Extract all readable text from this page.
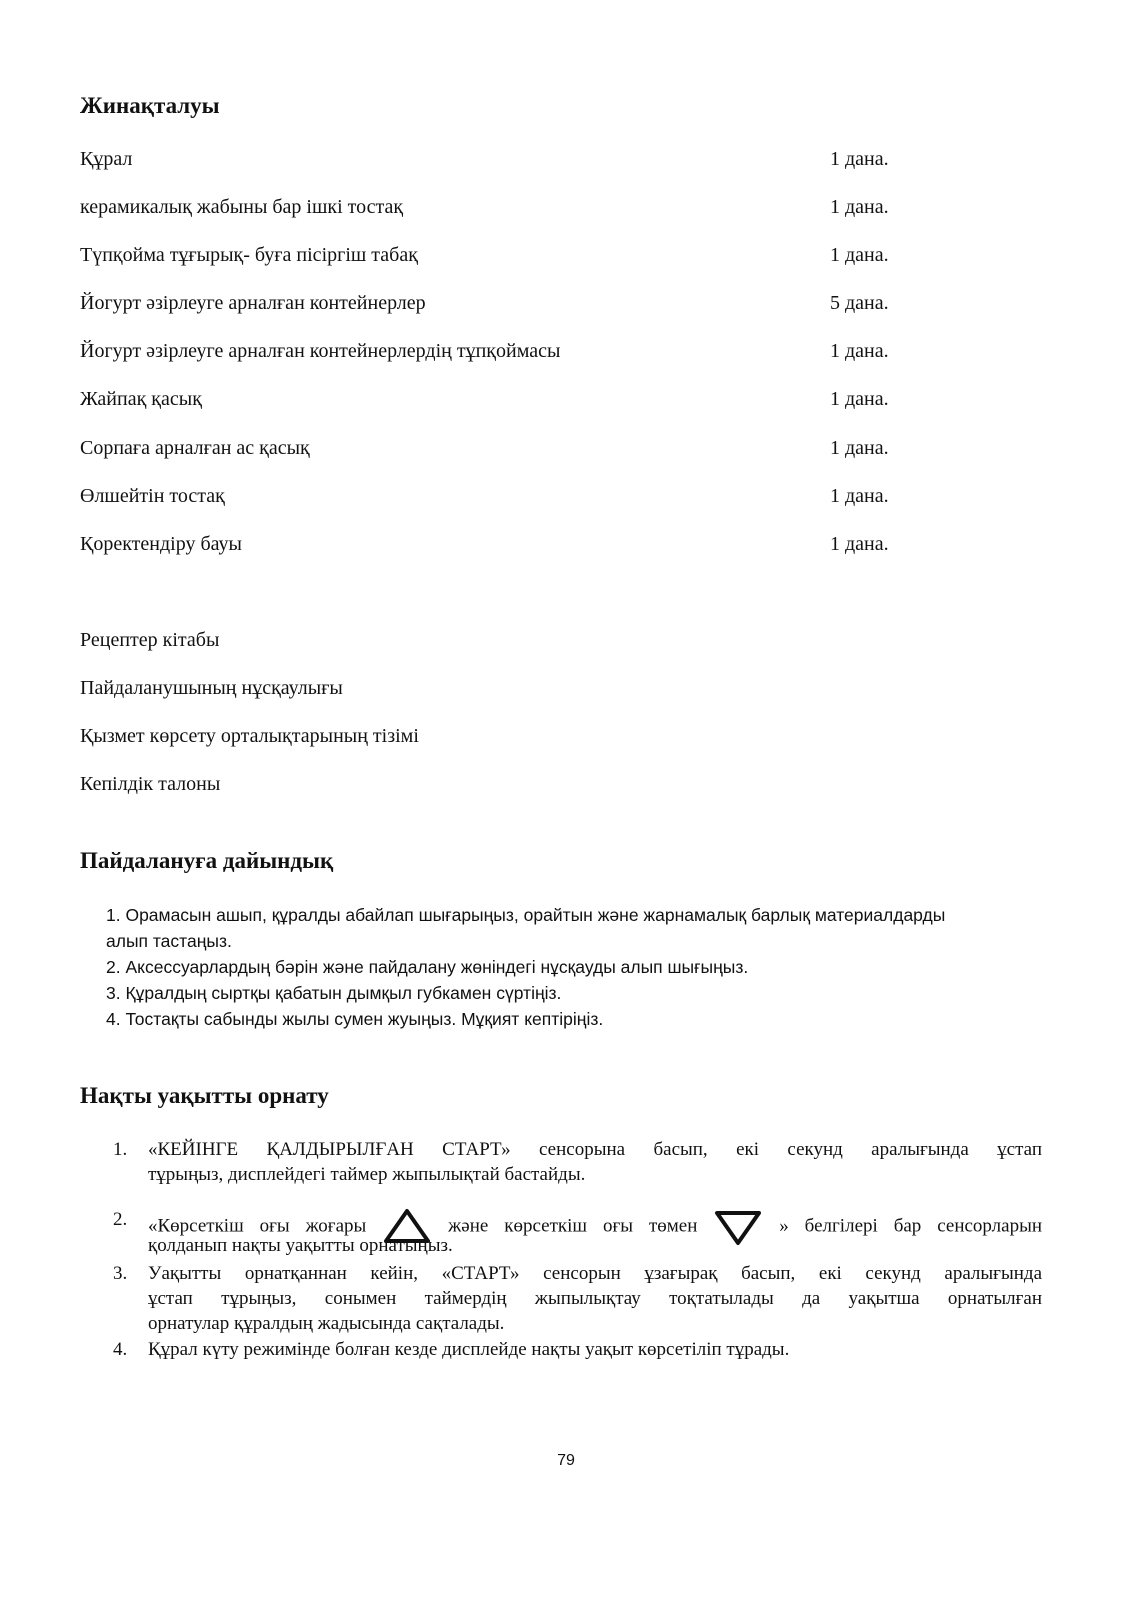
Жинақталуы
Құрал	1 дана.
керамикалық жабыны бар ішкі тостақ	1 дана.
Түпқойма тұғырық- буға пісіргіш табақ	1 дана.
Йогурт әзірлеуге арналған контейнерлер	5 дана.
Йогурт әзірлеуге арналған контейнерлердің тұпқоймасы	1 дана.
Жайпақ қасық	1 дана.
Сорпаға арналған ас қасық	1 дана.
Өлшейтін тостақ	1 дана.
Қоректендіру бауы	1 дана.
Рецептер кітабы
Пайдаланушының нұсқаулығы
Қызмет көрсету орталықтарының тізімі
Кепілдік талоны
Пайдалануға дайындық
1. Орамасын ашып, құралды абайлап шығарыңыз, орайтын және жарнамалық барлық материалдарды алып тастаңыз.
2. Аксессуарлардың бәрін және пайдалану жөніндегі нұсқауды алып шығыңыз.
3. Құралдың сыртқы қабатын дымқыл губкамен сүртіңіз.
4. Тостақты сабынды жылы сумен жуыңыз. Мұқият кептіріңіз.
Нақты уақытты орнату
1. «КЕЙІНГЕ ҚАЛДЫРЫЛҒАН СТАРТ» сенсорына басып, екі секунд аралығында ұстап
тұрыңыз, дисплейдегі таймер жыпылықтай бастайды.
2. «Көрсеткіш оғы жоғары	және көрсеткіш оғы төмен	» белгілері бар сенсорларын
қолданып нақты уақытты орнатыңыз.
3. Уақытты орнатқаннан кейін, «СТАРТ» сенсорын ұзағырақ басып, екі секунд аралығында
ұстап тұрыңыз, сонымен таймердің жыпылықтау тоқтатылады да уақытша орнатылған
орнатулар құралдың жадысында сақталады.
4. Құрал күту режимінде болған кезде дисплейде нақты уақыт көрсетіліп тұрады.
79
